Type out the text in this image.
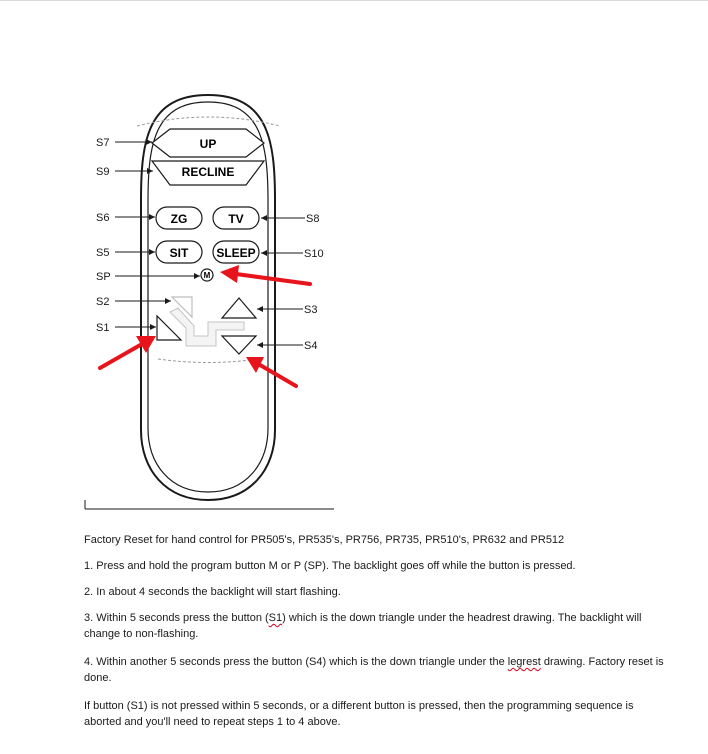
UP
RECLINE
ZG	TV
SIT SLEEP
M
S7
S9
S6
S5
SP
S2
S1
S8
S10
S3
S4

Factory Reset for hand control for PR505's, PR535's, PR756, PR735, PR510's, PR632 and PR512

1. Press and hold the program button M or P (SP). The backlight goes off while the button is pressed.

2. In about 4 seconds the backlight will start flashing.

3. Within 5 seconds press the button (S1) which is the down triangle under the headrest drawing. The backlight will change to non-flashing.

4. Within another 5 seconds press the button (S4) which is the down triangle under the legrest drawing. Factory reset is done.

If button (S1) is not pressed within 5 seconds, or a different button is pressed, then the programming sequence is aborted and you'll need to repeat steps 1 to 4 above.
